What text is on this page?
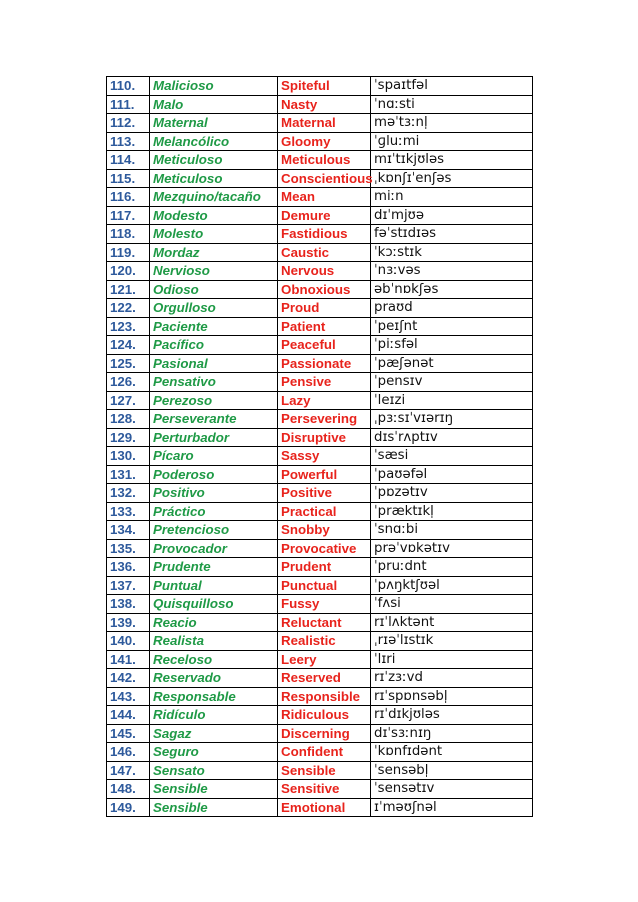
110.	Malicioso	Spiteful	ˈspaɪtfəl
111.	Malo	Nasty	ˈnɑːsti
112.	Maternal	Maternal	məˈtɜːnl̩
113.	Melancólico	Gloomy	ˈɡluːmi
114.	Meticuloso	Meticulous	mɪˈtɪkjʊləs
115.	Meticuloso	Conscientious	ˌkɒnʃɪˈenʃəs
116.	Mezquino/tacaño	Mean	miːn
117.	Modesto	Demure	dɪˈmjʊə
118.	Molesto	Fastidious	fəˈstɪdɪəs
119.	Mordaz	Caustic	ˈkɔːstɪk
120.	Nervioso	Nervous	ˈnɜːvəs
121.	Odioso	Obnoxious	əbˈnɒkʃəs
122.	Orgulloso	Proud	praʊd
123.	Paciente	Patient	ˈpeɪʃnt
124.	Pacífico	Peaceful	ˈpiːsfəl
125.	Pasional	Passionate	ˈpæʃənət
126.	Pensativo	Pensive	ˈpensɪv
127.	Perezoso	Lazy	ˈleɪzi
128.	Perseverante	Persevering	ˌpɜːsɪˈvɪərɪŋ
129.	Perturbador	Disruptive	dɪsˈrʌptɪv
130.	Pícaro	Sassy	ˈsæsi
131.	Poderoso	Powerful	ˈpaʊəfəl
132.	Positivo	Positive	ˈpɒzətɪv
133.	Práctico	Practical	ˈpræktɪkl̩
134.	Pretencioso	Snobby	ˈsnɑːbi
135.	Provocador	Provocative	prəˈvɒkətɪv
136.	Prudente	Prudent	ˈpruːdnt
137.	Puntual	Punctual	ˈpʌŋktʃʊəl
138.	Quisquilloso	Fussy	ˈfʌsi
139.	Reacio	Reluctant	rɪˈlʌktənt
140.	Realista	Realistic	ˌrɪəˈlɪstɪk
141.	Receloso	Leery	ˈlɪri
142.	Reservado	Reserved	rɪˈzɜːvd
143.	Responsable	Responsible	rɪˈspɒnsəbl̩
144.	Ridículo	Ridiculous	rɪˈdɪkjʊləs
145.	Sagaz	Discerning	dɪˈsɜːnɪŋ
146.	Seguro	Confident	ˈkɒnfɪdənt
147.	Sensato	Sensible	ˈsensəbl̩
148.	Sensible	Sensitive	ˈsensətɪv
149.	Sensible	Emotional	ɪˈməʊʃnəl
